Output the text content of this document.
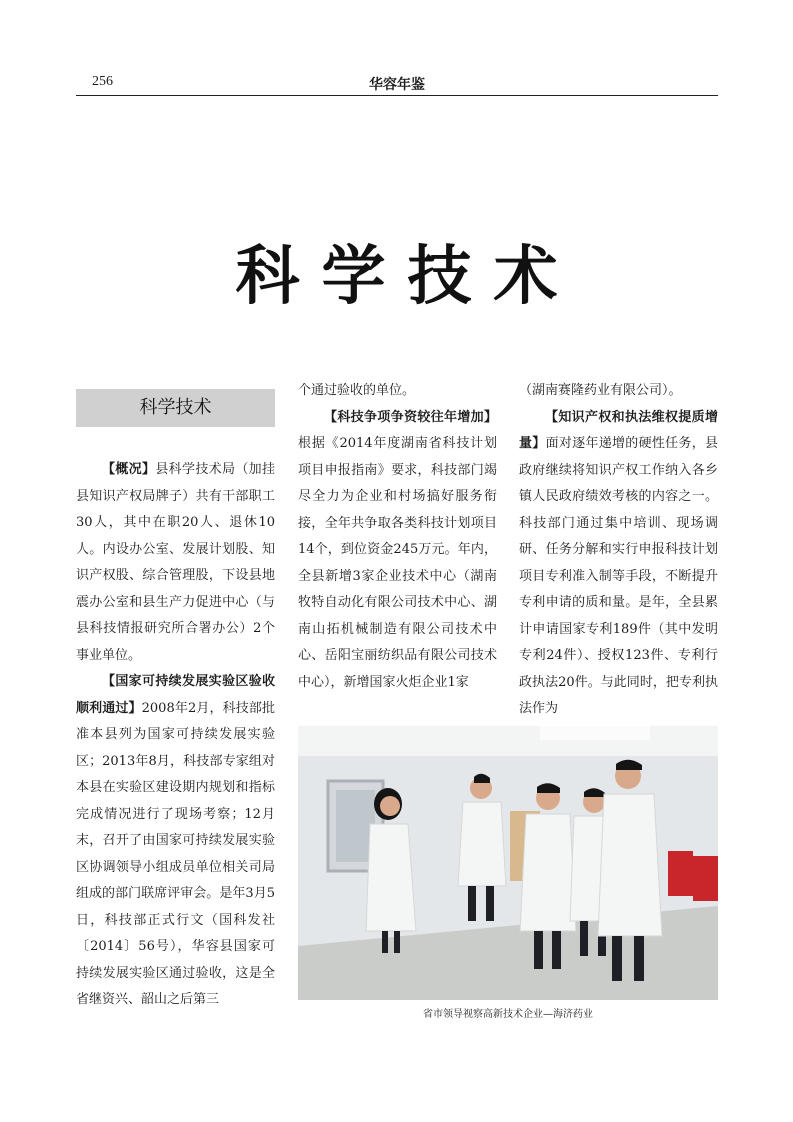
256	华容年鉴
科学技术
科学技术

【概况】县科学技术局（加挂县知识产权局牌子）共有干部职工30人，其中在职20人、退休10人。内设办公室、发展计划股、知识产权股、综合管理股，下设县地震办公室和县生产力促进中心（与县科技情报研究所合署办公）2个事业单位。

【国家可持续发展实验区验收顺利通过】2008年2月，科技部批准本县列为国家可持续发展实验区；2013年8月，科技部专家组对本县在实验区建设期内规划和指标完成情况进行了现场考察；12月末，召开了由国家可持续发展实验区协调领导小组成员单位相关司局组成的部门联席评审会。是年3月5日，科技部正式行文（国科发社〔2014〕56号），华容县国家可持续发展实验区通过验收，这是全省继资兴、韶山之后第三

个通过验收的单位。

【科技争项争资较往年增加】根据《2014年度湖南省科技计划项目申报指南》要求，科技部门竭尽全力为企业和村场搞好服务衔接，全年共争取各类科技计划项目14个，到位资金245万元。年内，全县新增3家企业技术中心（湖南牧特自动化有限公司技术中心、湖南山拓机械制造有限公司技术中心、岳阳宝丽纺织品有限公司技术中心），新增国家火炬企业1家

（湖南赛隆药业有限公司）。

【知识产权和执法维权提质增量】面对逐年递增的硬性任务，县政府继续将知识产权工作纳入各乡镇人民政府绩效考核的内容之一。科技部门通过集中培训、现场调研、任务分解和实行申报科技计划项目专利准入制等手段，不断提升专利申请的质和量。是年，全县累计申请国家专利189件（其中发明专利24件）、授权123件、专利行政执法20件。与此同时，把专利执法作为

省市领导视察高新技术企业—海济药业
